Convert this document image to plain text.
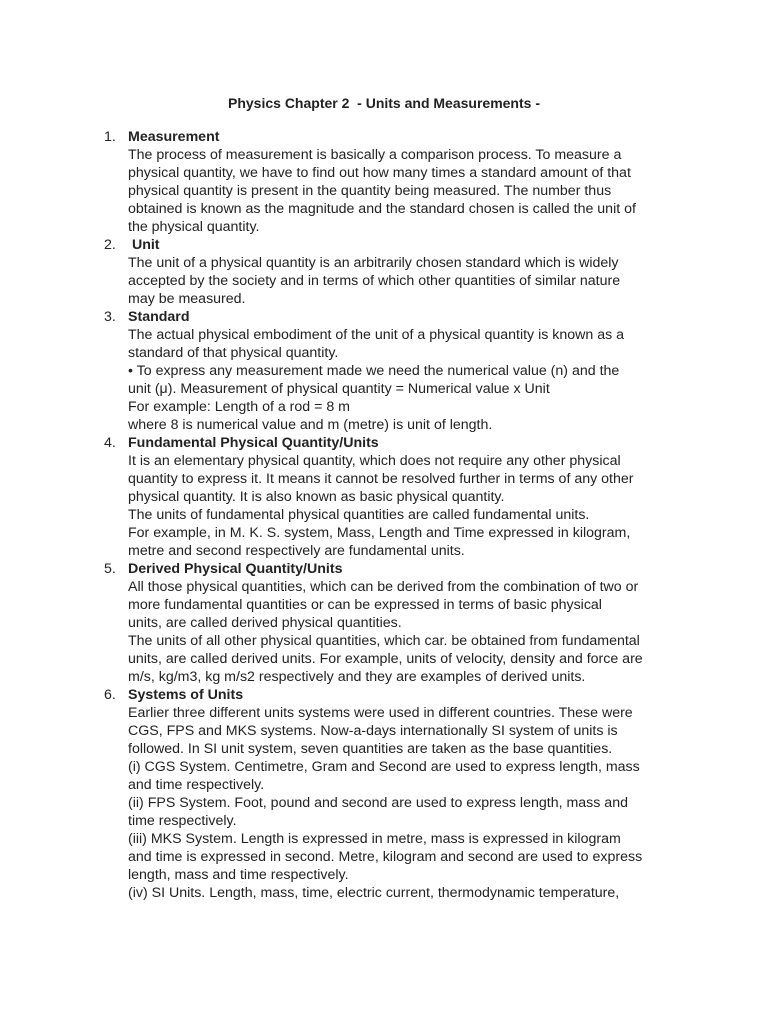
Physics Chapter 2  - Units and Measurements -
1. Measurement
The process of measurement is basically a comparison process. To measure a
physical quantity, we have to find out how many times a standard amount of that
physical quantity is present in the quantity being measured. The number thus
obtained is known as the magnitude and the standard chosen is called the unit of
the physical quantity.
2. Unit
The unit of a physical quantity is an arbitrarily chosen standard which is widely
accepted by the society and in terms of which other quantities of similar nature
may be measured.
3. Standard
The actual physical embodiment of the unit of a physical quantity is known as a
standard of that physical quantity.
• To express any measurement made we need the numerical value (n) and the
unit (μ). Measurement of physical quantity = Numerical value x Unit
For example: Length of a rod = 8 m
where 8 is numerical value and m (metre) is unit of length.
4. Fundamental Physical Quantity/Units
It is an elementary physical quantity, which does not require any other physical
quantity to express it. It means it cannot be resolved further in terms of any other
physical quantity. It is also known as basic physical quantity.
The units of fundamental physical quantities are called fundamental units.
For example, in M. K. S. system, Mass, Length and Time expressed in kilogram,
metre and second respectively are fundamental units.
5. Derived Physical Quantity/Units
All those physical quantities, which can be derived from the combination of two or
more fundamental quantities or can be expressed in terms of basic physical
units, are called derived physical quantities.
The units of all other physical quantities, which car. be obtained from fundamental
units, are called derived units. For example, units of velocity, density and force are
m/s, kg/m3, kg m/s2 respectively and they are examples of derived units.
6. Systems of Units
Earlier three different units systems were used in different countries. These were
CGS, FPS and MKS systems. Now-a-days internationally SI system of units is
followed. In SI unit system, seven quantities are taken as the base quantities.
(i) CGS System. Centimetre, Gram and Second are used to express length, mass
and time respectively.
(ii) FPS System. Foot, pound and second are used to express length, mass and
time respectively.
(iii) MKS System. Length is expressed in metre, mass is expressed in kilogram
and time is expressed in second. Metre, kilogram and second are used to express
length, mass and time respectively.
(iv) SI Units. Length, mass, time, electric current, thermodynamic temperature,
